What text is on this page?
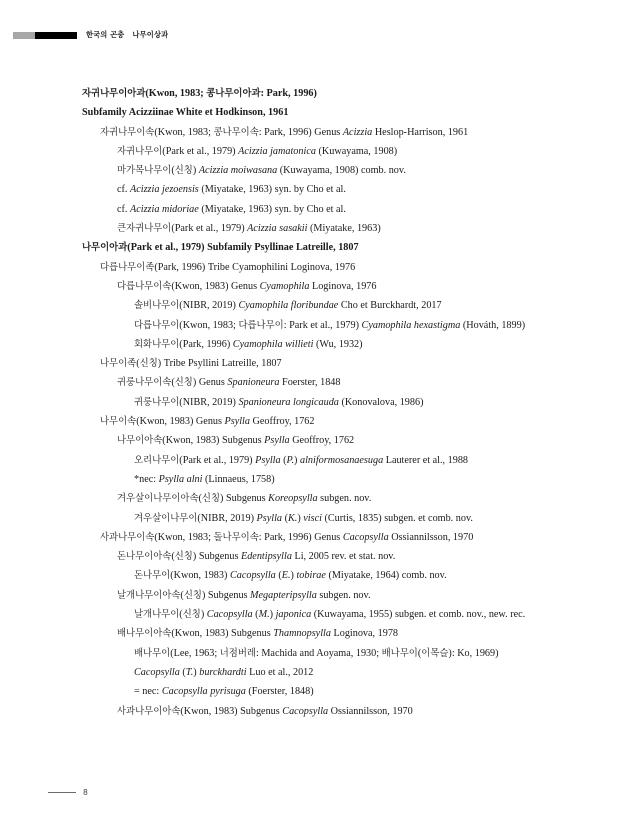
한국의 곤충   나무이상과
자귀나무이아과(Kwon, 1983; 콩나무이아과: Park, 1996)
Subfamily Acizziinae White et Hodkinson, 1961
자귀나무이속(Kwon, 1983; 콩나무이속: Park, 1996) Genus Acizzia Heslop-Harrison, 1961
자귀나무이(Park et al., 1979) Acizzia jamatonica (Kuwayama, 1908)
마가목나무이(신칭) Acizzia moiwasana (Kuwayama, 1908) comb. nov.
cf. Acizzia jezoensis (Miyatake, 1963) syn. by Cho et al.
cf. Acizzia midoriae (Miyatake, 1963) syn. by Cho et al.
큰자귀나무이(Park et al., 1979) Acizzia sasakii (Miyatake, 1963)
나무이아과(Park et al., 1979) Subfamily Psyllinae Latreille, 1807
다릅나무이족(Park, 1996) Tribe Cyamophilini Loginova, 1976
다릅나무이속(Kwon, 1983) Genus Cyamophila Loginova, 1976
솔비나무이(NIBR, 2019) Cyamophila floribundae Cho et Burckhardt, 2017
다릅나무이(Kwon, 1983; 다릅나무이: Park et al., 1979) Cyamophila hexastigma (Hováth, 1899)
회화나무이(Park, 1996) Cyamophila willieti (Wu, 1932)
나무이족(신칭) Tribe Psyllini Latreille, 1807
귀룽나무이속(신칭) Genus Spanioneura Foerster, 1848
귀룽나무이(NIBR, 2019) Spanioneura longicauda (Konovalova, 1986)
나무이속(Kwon, 1983) Genus Psylla Geoffroy, 1762
나무이아속(Kwon, 1983) Subgenus Psylla Geoffroy, 1762
오리나무이(Park et al., 1979) Psylla (P.) alniformosanaesuga Lauterer et al., 1988
*nec: Psylla alni (Linnaeus, 1758)
겨우살이나무이아속(신칭) Subgenus Koreopsylla subgen. nov.
겨우살이나무이(NIBR, 2019) Psylla (K.) visci (Curtis, 1835) subgen. et comb. nov.
사과나무이속(Kwon, 1983; 돌나무이속: Park, 1996) Genus Cacopsylla Ossiannilsson, 1970
돈나무이아속(신칭) Subgenus Edentipsylla Li, 2005 rev. et stat. nov.
돈나무이(Kwon, 1983) Cacopsylla (E.) tobirae (Miyatake, 1964) comb. nov.
날개나무이아속(신칭) Subgenus Megapteripsylla subgen. nov.
날개나무이(신칭) Cacopsylla (M.) japonica (Kuwayama, 1955) subgen. et comb. nov., new. rec.
배나무이아속(Kwon, 1983) Subgenus Thamnopsylla Loginova, 1978
배나무이(Lee, 1963; 너점버레: Machida and Aoyama, 1930; 배나무이(이목슬): Ko, 1969)
Cacopsylla (T.) burckhardti Luo et al., 2012
= nec: Cacopsylla pyrisuga (Foerster, 1848)
사과나무이아속(Kwon, 1983) Subgenus Cacopsylla Ossiannilsson, 1970
8
